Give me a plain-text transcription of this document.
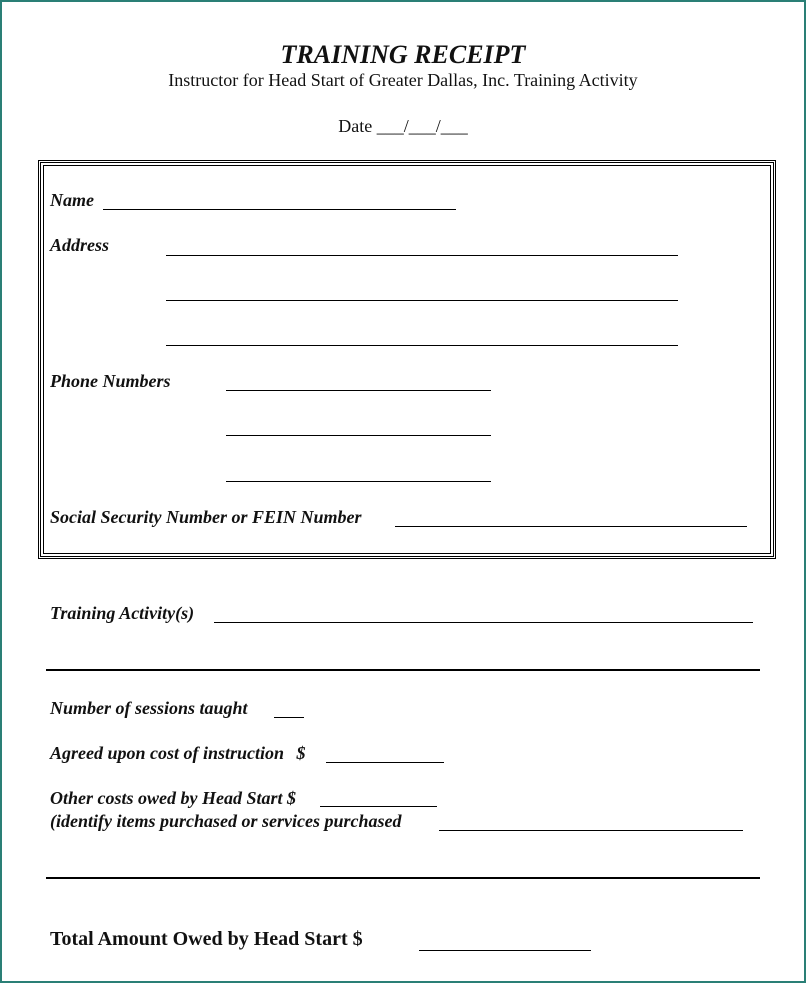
TRAINING RECEIPT
Instructor for Head Start of Greater Dallas, Inc. Training Activity
Date ___/___/___
Name
Address
Phone Numbers
Social Security Number or FEIN Number
Training Activity(s)
Number of sessions taught
Agreed upon cost of instruction $
Other costs owed by Head Start $
(identify items purchased or services purchased
Total Amount Owed by Head Start $
